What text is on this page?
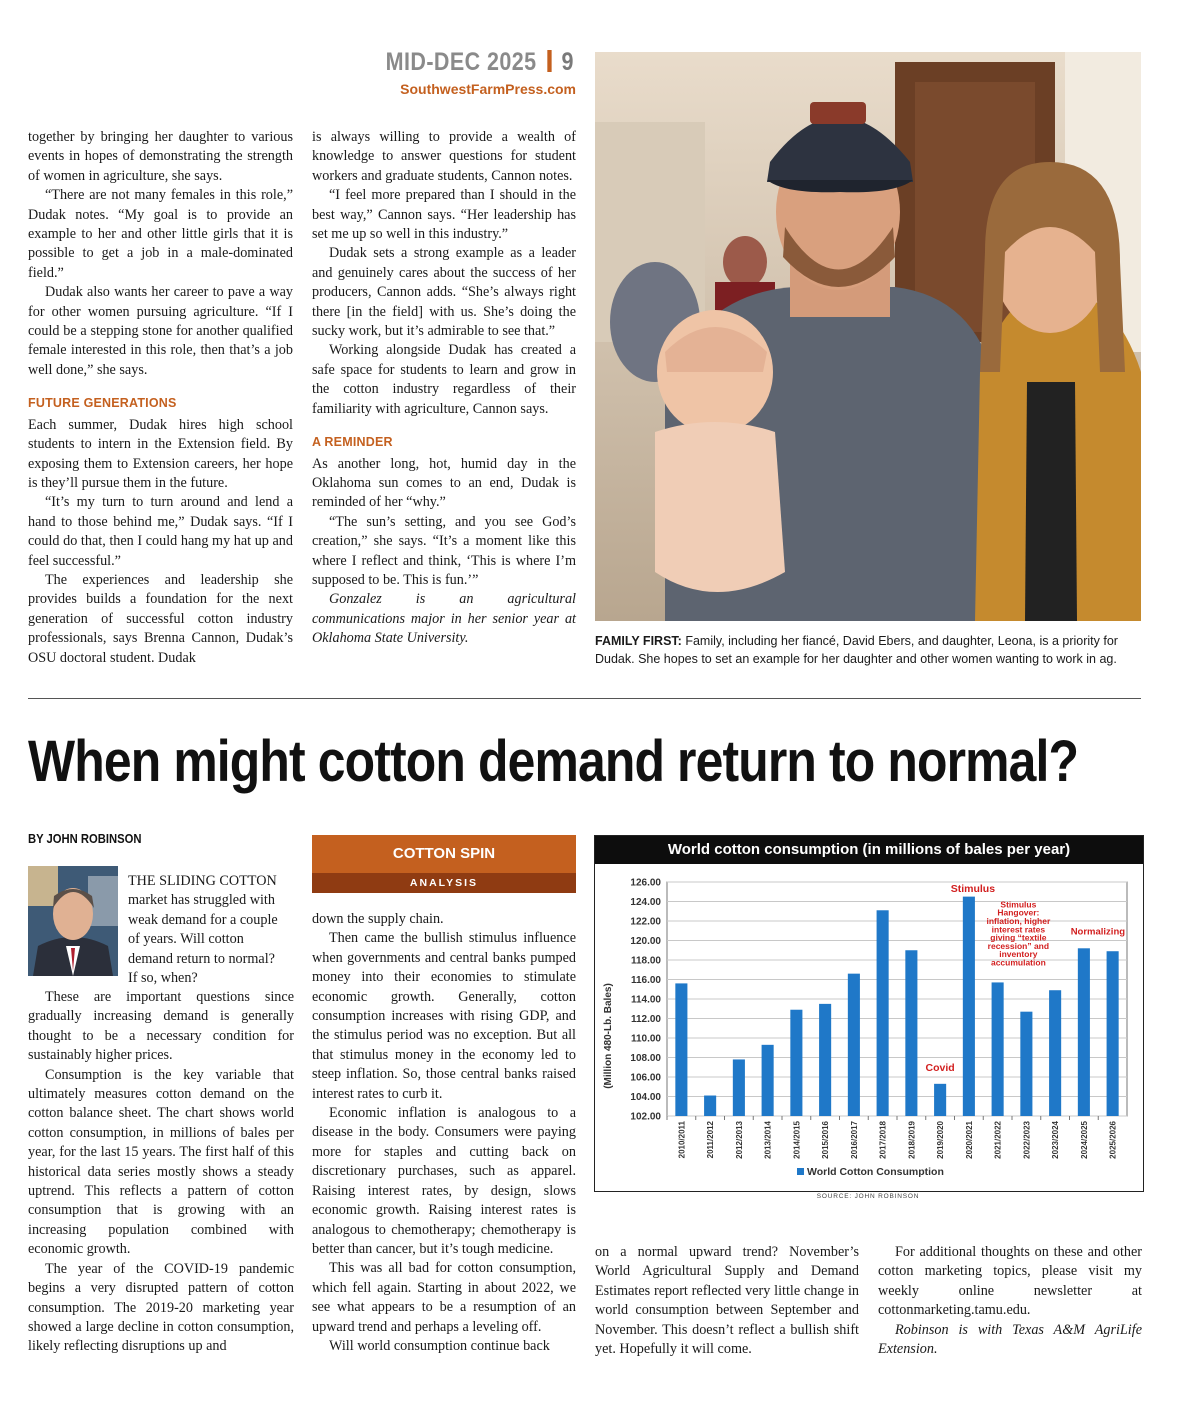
MID-DEC 2025 9
SouthwestFarmPress.com

together by bringing her daughter to various events in hopes of demonstrating the strength of women in agriculture, she says.

“There are not many females in this role,” Dudak notes. “My goal is to provide an example to her and other little girls that it is possible to get a job in a male-dominated field.”

Dudak also wants her career to pave a way for other women pursuing agriculture. “If I could be a stepping stone for another qualified female interested in this role, then that’s a job well done,” she says.

FUTURE GENERATIONS

Each summer, Dudak hires high school students to intern in the Extension field. By exposing them to Extension careers, her hope is they’ll pursue them in the future.

“It’s my turn to turn around and lend a hand to those behind me,” Dudak says. “If I could do that, then I could hang my hat up and feel successful.”

The experiences and leadership she provides builds a foundation for the next generation of successful cotton industry professionals, says Brenna Cannon, Dudak’s OSU doctoral student. Dudak

is always willing to provide a wealth of knowledge to answer questions for student workers and graduate students, Cannon notes.

“I feel more prepared than I should in the best way,” Cannon says. “Her leadership has set me up so well in this industry.”

Dudak sets a strong example as a leader and genuinely cares about the success of her producers, Cannon adds. “She’s always right there [in the field] with us. She’s doing the sucky work, but it’s admirable to see that.”

Working alongside Dudak has created a safe space for students to learn and grow in the cotton industry regardless of their familiarity with agriculture, Cannon says.

A REMINDER

As another long, hot, humid day in the Oklahoma sun comes to an end, Dudak is reminded of her “why.”

“The sun’s setting, and you see God’s creation,” she says. “It’s a moment like this where I reflect and think, ‘This is where I’m supposed to be. This is fun.’”

Gonzalez is an agricultural communications major in her senior year at Oklahoma State University.	FAMILY FIRST: Family, including her fiancé, David Ebers, and daughter, Leona, is a priority for Dudak. She hopes to set an example for her daughter and other women wanting to work in ag.
When might cotton demand return to normal?
BY JOHN ROBINSON
THE SLIDING COTTON
market has struggled with
weak demand for a couple
of years. Will cotton
demand return to normal?
If so, when?

These are important questions since gradually increasing demand is generally thought to be a necessary condition for sustainably higher prices.

Consumption is the key variable that ultimately measures cotton demand on the cotton balance sheet. The chart shows world cotton consumption, in millions of bales per year, for the last 15 years. The first half of this historical data series mostly shows a steady uptrend. This reflects a pattern of cotton consumption that is growing with an increasing population combined with economic growth.

The year of the COVID-19 pandemic begins a very disrupted pattern of cotton consumption. The 2019-20 marketing year showed a large decline in cotton consumption, likely reflecting disruptions up and

COTTON SPIN
ANALYSIS

down the supply chain.

Then came the bullish stimulus influence when governments and central banks pumped money into their economies to stimulate economic growth. Generally, cotton consumption increases with rising GDP, and the stimulus period was no exception. But all that stimulus money in the economy led to steep inflation. So, those central banks raised interest rates to curb it.

Economic inflation is analogous to a disease in the body. Consumers were paying more for staples and cutting back on discretionary purchases, such as apparel. Raising interest rates, by design, slows economic growth. Raising interest rates is analogous to chemotherapy; chemotherapy is better than cancer, but it’s tough medicine.

This was all bad for cotton consumption, which fell again. Starting in about 2022, we see what appears to be a resumption of an upward trend and perhaps a leveling off.

Will world consumption continue back

World cotton consumption (in millions of bales per year)
102.00
104.00
106.00
108.00
110.00
112.00
114.00
116.00
118.00
120.00
122.00
124.00
126.00
2010/2011 2011/2012 2012/2013 2013/2014 2014/2015 2015/2016 2016/2017 2017/2018 2018/2019 2019/2020 2020/2021 2021/2022 2022/2023 2023/2024 2024/2025 2025/2026
Stimulus
Covid
Normalizing
Stimulus
Hangover:
inflation, higher
interest rates
giving “textile
recession” and
inventory
accumulation
(Million 480-Lb. Bales)
World Cotton Consumption
SOURCE: JOHN ROBINSON

on a normal upward trend? November’s World Agricultural Supply and Demand Estimates report reflected very little change in world consumption between September and November. This doesn’t reflect a bullish shift yet. Hopefully it will come.

For additional thoughts on these and other cotton marketing topics, please visit my weekly online newsletter at cottonmarketing.tamu.edu.

Robinson is with Texas A&M AgriLife Extension.
